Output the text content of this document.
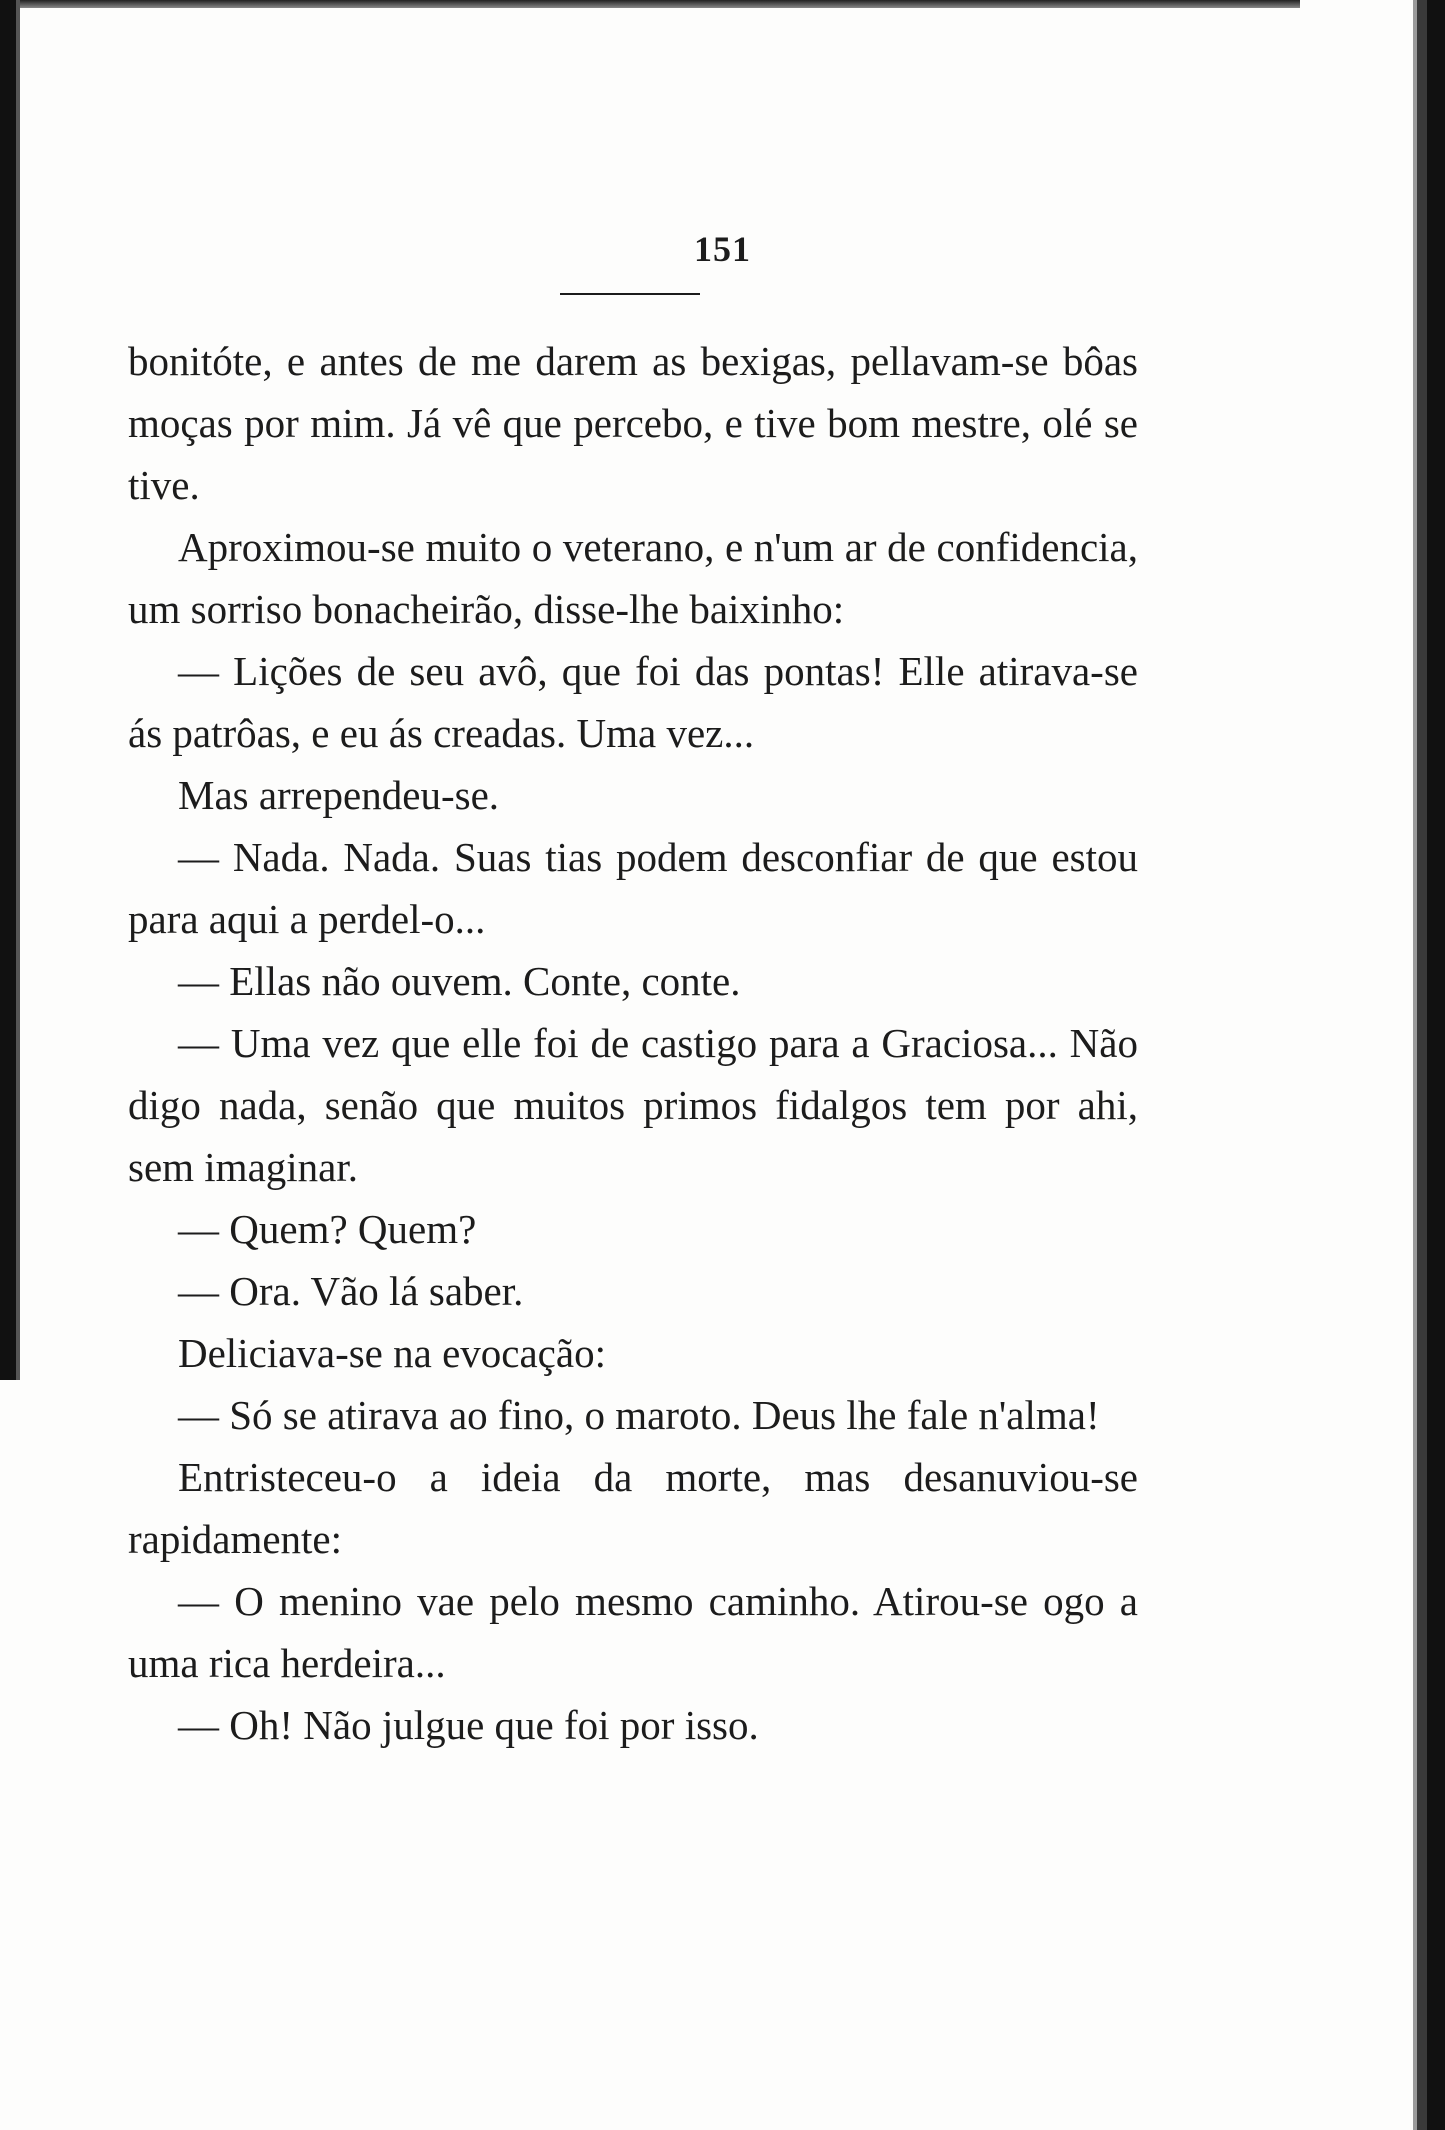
151

bonitóte, e antes de me darem as bexigas, pellavam-se bôas moças por mim. Já vê que percebo, e tive bom mestre, olé se tive.

Aproximou-se muito o veterano, e n'um ar de confidencia, um sorriso bonacheirão, disse-lhe baixinho:

— Lições de seu avô, que foi das pontas! Elle atirava-se ás patrôas, e eu ás creadas. Uma vez...

Mas arrependeu-se.

— Nada. Nada. Suas tias podem desconfiar de que estou para aqui a perdel-o...

— Ellas não ouvem. Conte, conte.

— Uma vez que elle foi de castigo para a Graciosa... Não digo nada, senão que muitos primos fidalgos tem por ahi, sem imaginar.

— Quem? Quem?

— Ora. Vão lá saber.

Deliciava-se na evocação:

— Só se atirava ao fino, o maroto. Deus lhe fale n'alma!

Entristeceu-o a ideia da morte, mas desanuviou-se rapidamente:

— O menino vae pelo mesmo caminho. Atirou-se ogo a uma rica herdeira...

— Oh! Não julgue que foi por isso.
